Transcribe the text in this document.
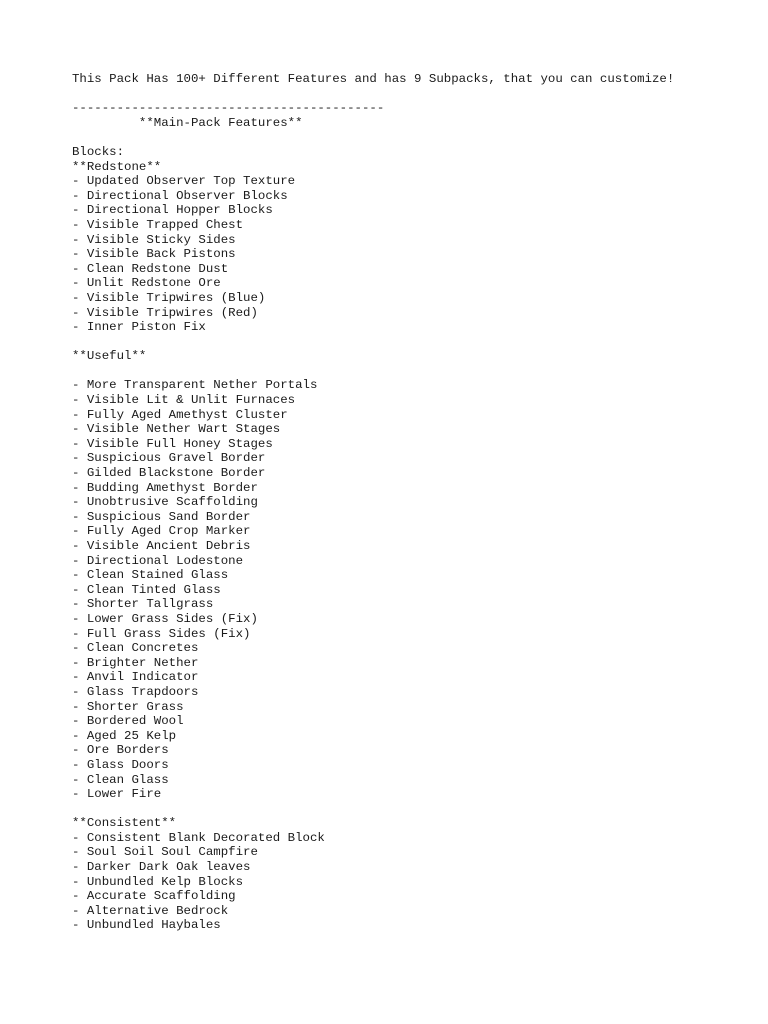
This Pack Has 100+ Different Features and has 9 Subpacks, that you can customize!

------------------------------------------
**Main-Pack Features**

Blocks:
**Redstone**
- Updated Observer Top Texture
- Directional Observer Blocks
- Directional Hopper Blocks
- Visible Trapped Chest
- Visible Sticky Sides
- Visible Back Pistons
- Clean Redstone Dust
- Unlit Redstone Ore
- Visible Tripwires (Blue)
- Visible Tripwires (Red)
- Inner Piston Fix

**Useful**

- More Transparent Nether Portals
- Visible Lit & Unlit Furnaces
- Fully Aged Amethyst Cluster
- Visible Nether Wart Stages
- Visible Full Honey Stages
- Suspicious Gravel Border
- Gilded Blackstone Border
- Budding Amethyst Border
- Unobtrusive Scaffolding
- Suspicious Sand Border
- Fully Aged Crop Marker
- Visible Ancient Debris
- Directional Lodestone
- Clean Stained Glass
- Clean Tinted Glass
- Shorter Tallgrass
- Lower Grass Sides (Fix)
- Full Grass Sides (Fix)
- Clean Concretes
- Brighter Nether
- Anvil Indicator
- Glass Trapdoors
- Shorter Grass
- Bordered Wool
- Aged 25 Kelp
- Ore Borders
- Glass Doors
- Clean Glass
- Lower Fire

**Consistent**
- Consistent Blank Decorated Block
- Soul Soil Soul Campfire
- Darker Dark Oak leaves
- Unbundled Kelp Blocks
- Accurate Scaffolding
- Alternative Bedrock
- Unbundled Haybales
